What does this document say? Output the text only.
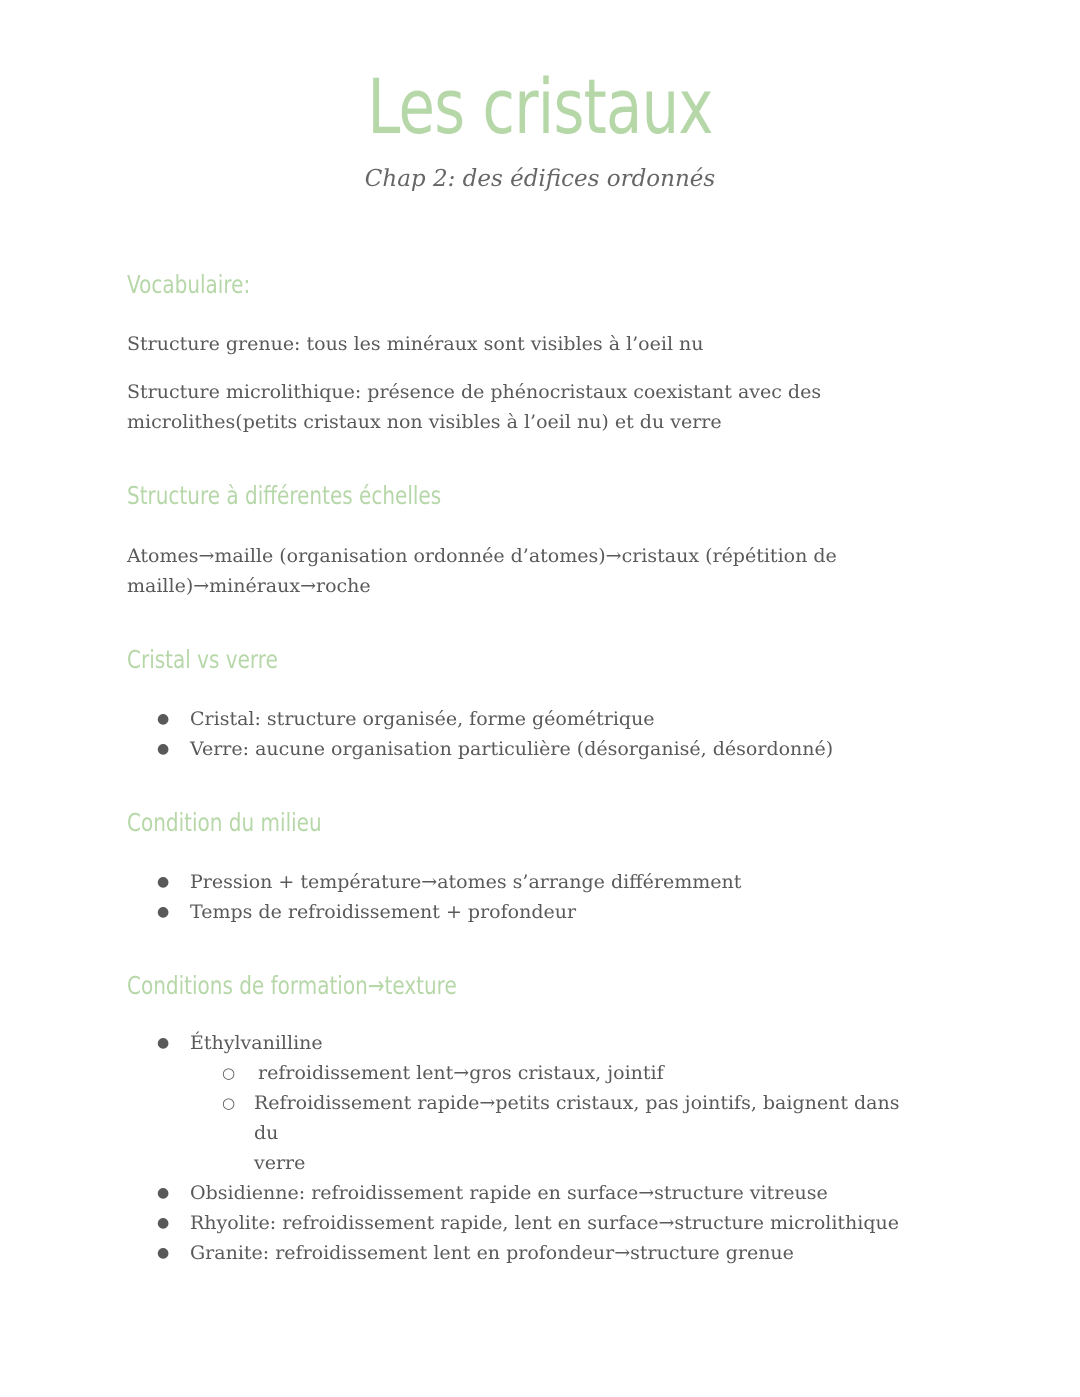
Les cristaux
Chap 2: des édifices ordonnés
Vocabulaire:

Structure grenue: tous les minéraux sont visibles à l’oeil nu

Structure microlithique: présence de phénocristaux coexistant avec des

microlithes(petits cristaux non visibles à l’oeil nu) et du verre

Structure à différentes échelles

Atomes→maille (organisation ordonnée d’atomes)→cristaux (répétition de

maille)→minéraux→roche

Cristal vs verre
● Cristal: structure organisée, forme géométrique
● Verre: aucune organisation particulière (désorganisé, désordonné)
Condition du milieu
● Pression + température→atomes s’arrange différemment
● Temps de refroidissement + profondeur
Conditions de formation→texture
● Éthylvanilline
○ refroidissement lent→gros cristaux, jointif
○ Refroidissement rapide→petits cristaux, pas jointifs, baignent dans du
verre
● Obsidienne: refroidissement rapide en surface→structure vitreuse
● Rhyolite: refroidissement rapide, lent en surface→structure microlithique
● Granite: refroidissement lent en profondeur→structure grenue
